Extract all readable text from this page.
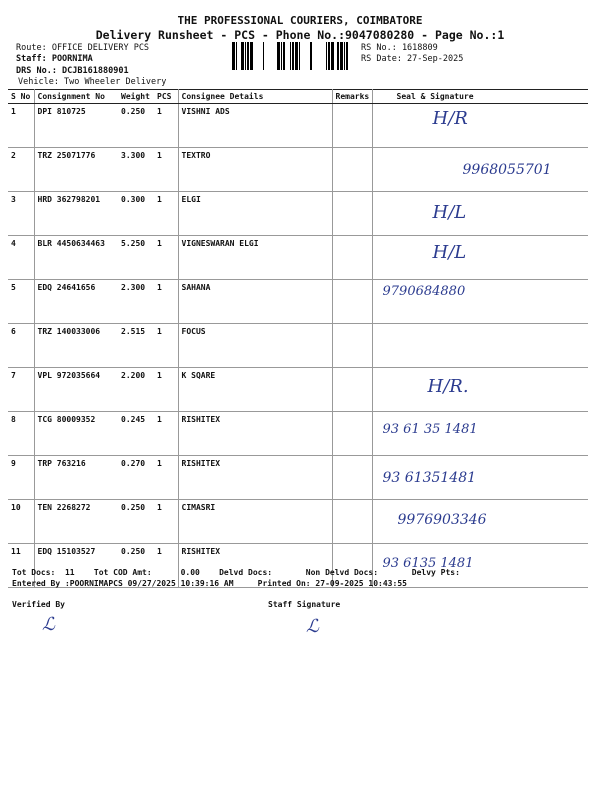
THE PROFESSIONAL COURIERS, COIMBATORE
Delivery Runsheet - PCS - Phone No.:9047080280 - Page No.:1
Route: OFFICE DELIVERY PCS
Staff: POORNIMA
DRS No.: DCJB161880901
Vehicle: Two Wheeler Delivery
RS No.: 1618809
RS Date: 27-Sep-2025
S No	Consignment No	Weight	PCS	Consignee Details	Remarks	Seal & Signature
1	DPI 810725	0.250	1	VISHNI ADS		H/R

2	TRZ 25071776	3.300	1	TEXTRO		9968055701

3	HRD 362798201	0.300	1	ELGI		H/L

4	BLR 4450634463	5.250	1	VIGNESWARAN ELGI		H/L

5	EDQ 24641656	2.300	1	SAHANA		9790684880

6	TRZ 140033006	2.515	1	FOCUS		

7	VPL 972035664	2.200	1	K SQARE		H/R.

8	TCG 80009352	0.245	1	RISHITEX		93 61 35 1481

9	TRP 763216	0.270	1	RISHITEX		93 61351481

10	TEN 2268272	0.250	1	CIMASRI		9976903346

11	EDQ 15103527	0.250	1	RISHITEX		93 6135 1481
Tot Docs:  11    Tot COD Amt:      0.00    Delvd Docs:       Non Delvd Docs:       Delvy Pts:
Entered By :POORNIMAPCS 09/27/2025 10:39:16 AM     Printed On: 27-09-2025 10:43:55
Verified By	Staff Signature
ℒ	ℒ
